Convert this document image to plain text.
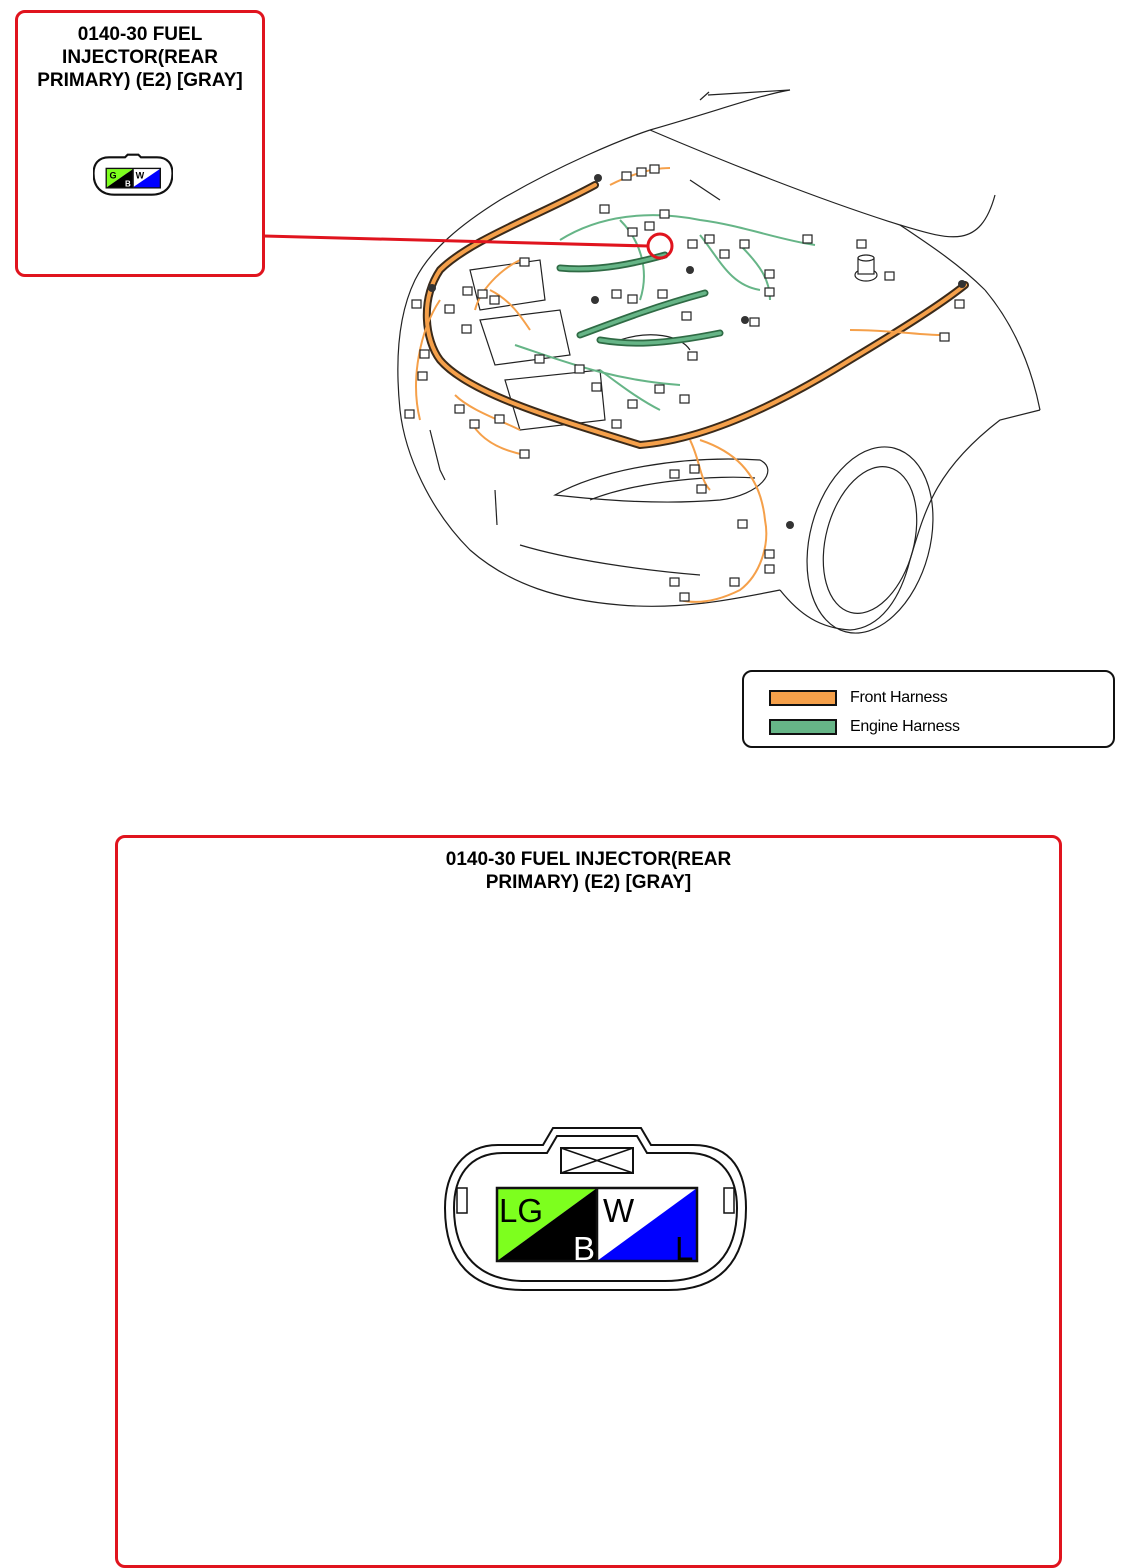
0140-30 FUEL
INJECTOR(REAR
PRIMARY) (E2) [GRAY]
G
B
W
Front Harness
Engine Harness
0140-30 FUEL INJECTOR(REAR
PRIMARY) (E2) [GRAY]
LG
B
W
L
